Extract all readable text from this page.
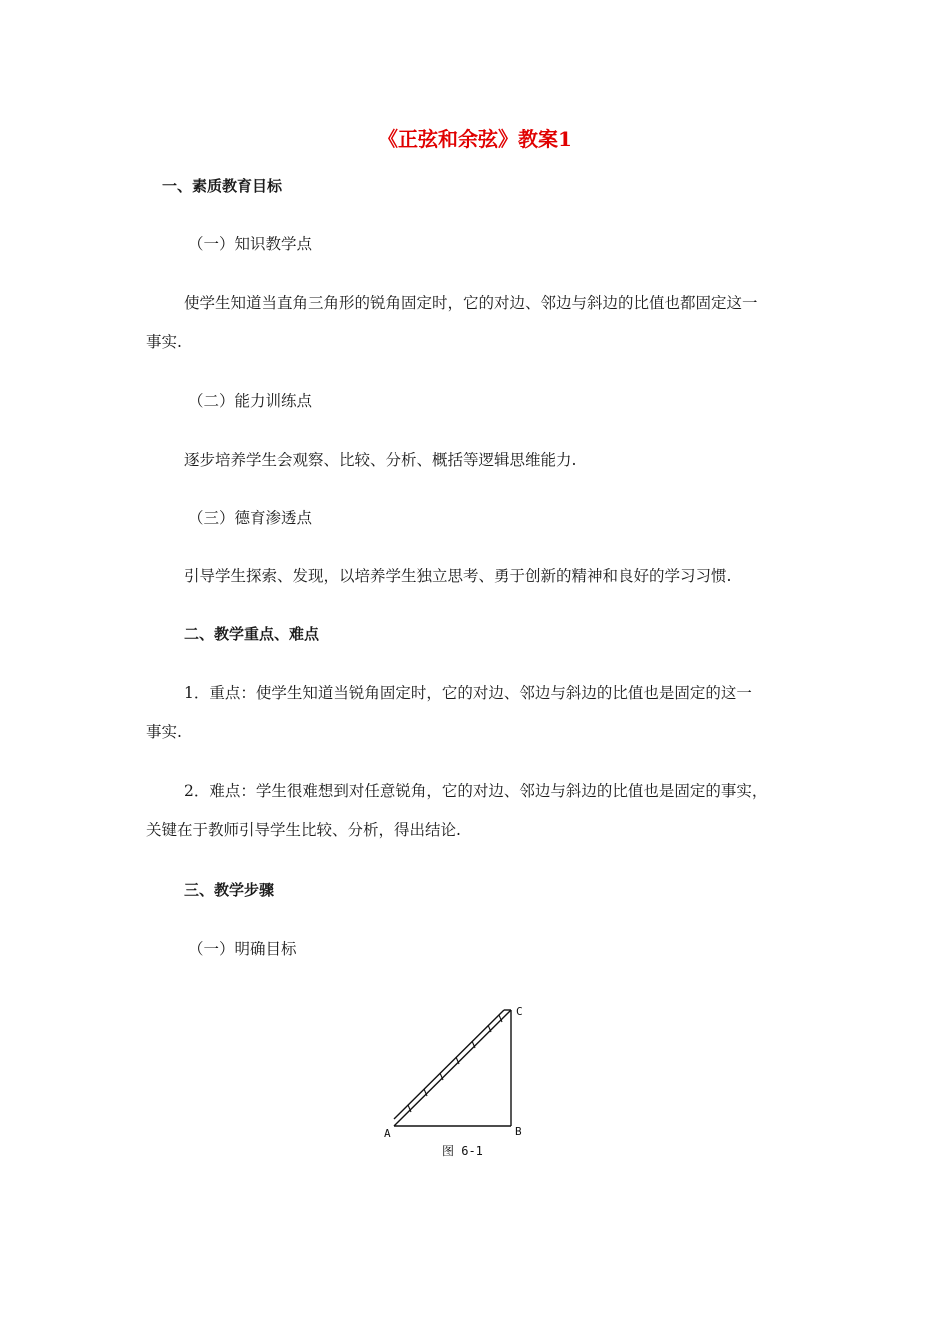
《正弦和余弦》教案1
一、素质教育目标
（一）知识教学点
使学生知道当直角三角形的锐角固定时，它的对边、邻边与斜边的比值也都固定这一
事实.
（二）能力训练点
逐步培养学生会观察、比较、分析、概括等逻辑思维能力.
（三）德育渗透点
引导学生探索、发现，以培养学生独立思考、勇于创新的精神和良好的学习习惯.
二、教学重点、难点
1．重点：使学生知道当锐角固定时，它的对边、邻边与斜边的比值也是固定的这一
事实.
2．难点：学生很难想到对任意锐角，它的对边、邻边与斜边的比值也是固定的事实，
关键在于教师引导学生比较、分析，得出结论.
三、教学步骤
（一）明确目标
A	B
C
图 6-1
